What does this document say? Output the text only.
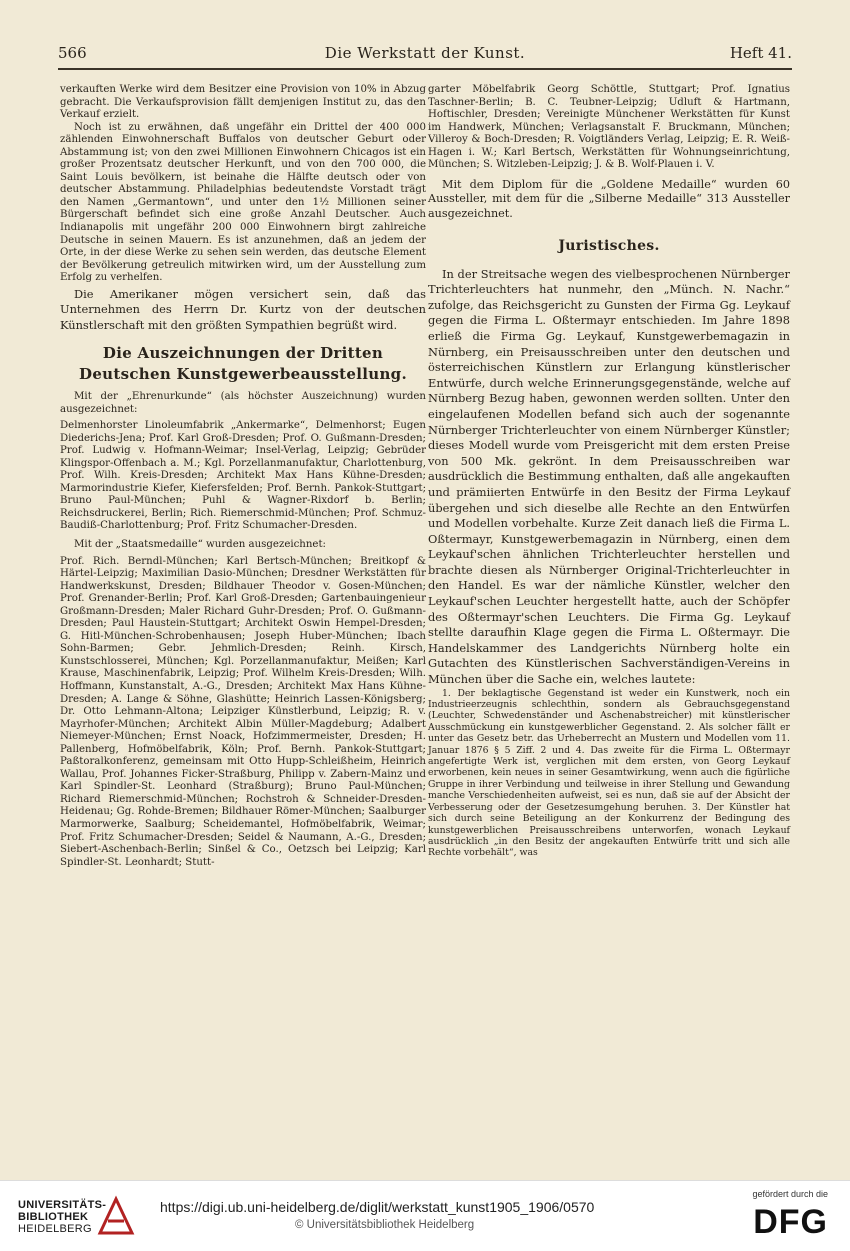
566	Die Werkstatt der Kunst.	Heft 41.

verkauften Werke wird dem Besitzer eine Provision von 10% in Abzug gebracht. Die Verkaufsprovision fällt demjenigen Institut zu, das den Verkauf erzielt.

Noch ist zu erwähnen, daß ungefähr ein Drittel der 400 000 zählenden Einwohnerschaft Buffalos von deutscher Geburt oder Abstammung ist; von den zwei Millionen Einwohnern Chicagos ist ein großer Prozentsatz deutscher Herkunft, und von den 700 000, die Saint Louis bevölkern, ist beinahe die Hälfte deutsch oder von deutscher Abstammung. Philadelphias bedeutendste Vorstadt trägt den Namen „Germantown“, und unter den 1½ Millionen seiner Bürgerschaft befindet sich eine große Anzahl Deutscher. Auch Indianapolis mit ungefähr 200 000 Einwohnern birgt zahlreiche Deutsche in seinen Mauern. Es ist anzunehmen, daß an jedem der Orte, in der diese Werke zu sehen sein werden, das deutsche Element der Bevölkerung getreulich mitwirken wird, um der Ausstellung zum Erfolg zu verhelfen.

Die Amerikaner mögen versichert sein, daß das Unternehmen des Herrn Dr. Kurtz von der deutschen Künstlerschaft mit den größten Sympathien begrüßt wird.

Die Auszeichnungen der Dritten Deutschen Kunstgewerbeausstellung.

Mit der „Ehrenurkunde“ (als höchster Auszeichnung) wurden ausgezeichnet:

Delmenhorster Linoleumfabrik „Ankermarke“, Delmenhorst; Eugen Diederichs-Jena; Prof. Karl Groß-Dresden; Prof. O. Gußmann-Dresden; Prof. Ludwig v. Hofmann-Weimar; Insel-Verlag, Leipzig; Gebrüder Klingspor-Offenbach a. M.; Kgl. Porzellanmanufaktur, Charlottenburg, Prof. Wilh. Kreis-Dresden; Architekt Max Hans Kühne-Dresden; Marmorindustrie Kiefer, Kiefersfelden; Prof. Bernh. Pankok-Stuttgart; Bruno Paul-München; Puhl & Wagner-Rixdorf b. Berlin; Reichsdruckerei, Berlin; Rich. Riemerschmid-München; Prof. Schmuz-Baudiß-Charlottenburg; Prof. Fritz Schumacher-Dresden.

Mit der „Staatsmedaille“ wurden ausgezeichnet:

Prof. Rich. Berndl-München; Karl Bertsch-München; Breitkopf & Härtel-Leipzig; Maximilian Dasio-München; Dresdner Werkstätten für Handwerkskunst, Dresden; Bildhauer Theodor v. Gosen-München; Prof. Grenander-Berlin; Prof. Karl Groß-Dresden; Gartenbauingenieur Großmann-Dresden; Maler Richard Guhr-Dresden; Prof. O. Gußmann-Dresden; Paul Haustein-Stuttgart; Architekt Oswin Hempel-Dresden; G. Hitl-München-Schrobenhausen; Joseph Huber-München; Ibach Sohn-Barmen; Gebr. Jehmlich-Dresden; Reinh. Kirsch, Kunstschlosserei, München; Kgl. Porzellanmanufaktur, Meißen; Karl Krause, Maschinenfabrik, Leipzig; Prof. Wilhelm Kreis-Dresden; Wilh. Hoffmann, Kunstanstalt, A.-G., Dresden; Architekt Max Hans Kühne-Dresden; A. Lange & Söhne, Glashütte; Heinrich Lassen-Königsberg; Dr. Otto Lehmann-Altona; Leipziger Künstlerbund, Leipzig; R. v. Mayrhofer-München; Architekt Albin Müller-Magdeburg; Adalbert Niemeyer-München; Ernst Noack, Hofzimmermeister, Dresden; H. Pallenberg, Hofmöbelfabrik, Köln; Prof. Bernh. Pankok-Stuttgart; Paßtoralkonferenz, gemeinsam mit Otto Hupp-Schleißheim, Heinrich Wallau, Prof. Johannes Ficker-Straßburg, Philipp v. Zabern-Mainz und Karl Spindler-St. Leonhard (Straßburg); Bruno Paul-München; Richard Riemerschmid-München; Rochstroh & Schneider-Dresden-Heidenau; Gg. Rohde-Bremen; Bildhauer Römer-München; Saalburger Marmorwerke, Saalburg; Scheidemantel, Hofmöbelfabrik, Weimar; Prof. Fritz Schumacher-Dresden; Seidel & Naumann, A.-G., Dresden; Siebert-Aschenbach-Berlin; Sinßel & Co., Oetzsch bei Leipzig; Karl Spindler-St. Leonhardt; Stutt-

garter Möbelfabrik Georg Schöttle, Stuttgart; Prof. Ignatius Taschner-Berlin; B. C. Teubner-Leipzig; Udluft & Hartmann, Hoftischler, Dresden; Vereinigte Münchener Werkstätten für Kunst im Handwerk, München; Verlagsanstalt F. Bruckmann, München; Villeroy & Boch-Dresden; R. Voigtländers Verlag, Leipzig; E. R. Weiß-Hagen i. W.; Karl Bertsch, Werkstätten für Wohnungseinrichtung, München; S. Witzleben-Leipzig; J. & B. Wolf-Plauen i. V.

Mit dem Diplom für die „Goldene Medaille“ wurden 60 Aussteller, mit dem für die „Silberne Medaille“ 313 Aussteller ausgezeichnet.

Juristisches.

In der Streitsache wegen des vielbesprochenen Nürnberger Trichterleuchters hat nunmehr, den „Münch. N. Nachr.“ zufolge, das Reichsgericht zu Gunsten der Firma Gg. Leykauf gegen die Firma L. Oßtermayr entschieden. Im Jahre 1898 erließ die Firma Gg. Leykauf, Kunstgewerbemagazin in Nürnberg, ein Preisausschreiben unter den deutschen und österreichischen Künstlern zur Erlangung künstlerischer Entwürfe, durch welche Erinnerungsgegenstände, welche auf Nürnberg Bezug haben, gewonnen werden sollten. Unter den eingelaufenen Modellen befand sich auch der sogenannte Nürnberger Trichterleuchter von einem Nürnberger Künstler; dieses Modell wurde vom Preisgericht mit dem ersten Preise von 500 Mk. gekrönt. In dem Preisausschreiben war ausdrücklich die Bestimmung enthalten, daß alle angekauften und prämiierten Entwürfe in den Besitz der Firma Leykauf übergehen und sich dieselbe alle Rechte an den Entwürfen und Modellen vorbehalte. Kurze Zeit danach ließ die Firma L. Oßtermayr, Kunstgewerbemagazin in Nürnberg, einen dem Leykauf'schen ähnlichen Trichterleuchter herstellen und brachte diesen als Nürnberger Original-Trichterleuchter in den Handel. Es war der nämliche Künstler, welcher den Leykauf'schen Leuchter hergestellt hatte, auch der Schöpfer des Oßtermayr'schen Leuchters. Die Firma Gg. Leykauf stellte daraufhin Klage gegen die Firma L. Oßtermayr. Die Handelskammer des Landgerichts Nürnberg holte ein Gutachten des Künstlerischen Sachverständigen-Vereins in München über die Sache ein, welches lautete:

1. Der beklagtische Gegenstand ist weder ein Kunstwerk, noch ein Industrieerzeugnis schlechthin, sondern als Gebrauchsgegenstand (Leuchter, Schwedenständer und Aschenabstreicher) mit künstlerischer Ausschmückung ein kunstgewerblicher Gegenstand. 2. Als solcher fällt er unter das Gesetz betr. das Urheberrecht an Mustern und Modellen vom 11. Januar 1876 § 5 Ziff. 2 und 4. Das zweite für die Firma L. Oßtermayr angefertigte Werk ist, verglichen mit dem ersten, von Georg Leykauf erworbenen, kein neues in seiner Gesamtwirkung, wenn auch die figürliche Gruppe in ihrer Verbindung und teilweise in ihrer Stellung und Gewandung manche Verschiedenheiten aufweist, sei es nun, daß sie auf der Absicht der Verbesserung oder der Gesetzesumgehung beruhen. 3. Der Künstler hat sich durch seine Beteiligung an der Konkurrenz der Bedingung des kunstgewerblichen Preisausschreibens unterworfen, wonach Leykauf ausdrücklich „in den Besitz der angekauften Entwürfe tritt und sich alle Rechte vorbehält“, was

UNIVERSITÄTS-
BIBLIOTHEK
HEIDELBERG
https://digi.ub.uni-heidelberg.de/diglit/werkstatt_kunst1905_1906/0570
© Universitätsbibliothek Heidelberg
gefördert durch die
DFG
